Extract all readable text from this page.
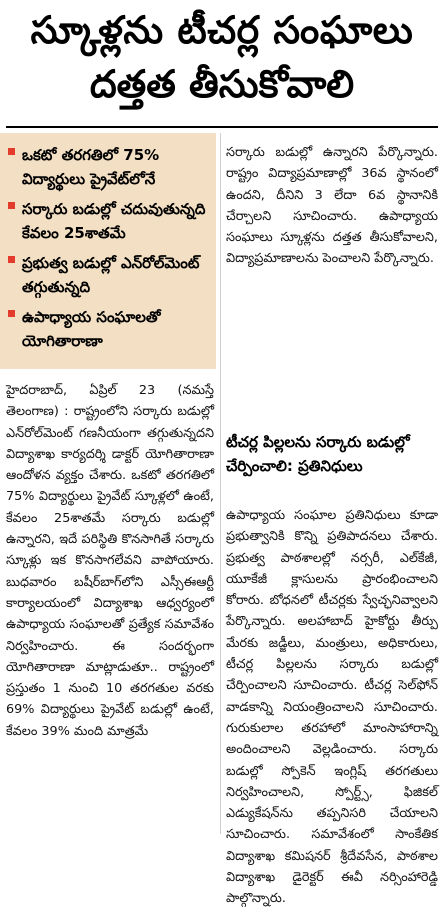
స్కూళ్లను టీచర్ల సంఘాలు
దత్తత తీసుకోవాలి
ఒకటో తరగతిలో 75% విద్యార్థులు ప్రైవేట్‌లోనే
సర్కారు బడుల్లో చదువుతున్నది కేవలం 25శాతమే
ప్రభుత్వ బడుల్లో ఎన్‌రోల్‌మెంట్ తగ్గుతున్నది
ఉపాధ్యాయ సంఘాలతో యోగితారాణా
హైదరాబాద్, ఏప్రిల్ 23 (నమస్తే తెలంగాణ) : రాష్ట్రంలోని సర్కారు బడుల్లో ఎన్‌రోల్‌మెంట్ గణనీయంగా తగ్గుతున్నదని విద్యాశాఖ కార్యదర్శి డాక్టర్ యోగితారాణా ఆందోళన వ్యక్తం చేశారు. ఒకటో తరగతిలో 75% విద్యార్థులు ప్రైవేట్ స్కూళ్లలో ఉంటే, కేవలం 25శాతమే సర్కారు బడుల్లో ఉన్నారని, ఇదే పరిస్థితి కొనసాగితే సర్కారు స్కూళ్లు ఇక కొనసాగలేవని వాపోయారు. బుధవారం బషీర్‌బాగ్‌లోని ఎస్సీఈఆర్టీ కార్యాలయంలో విద్యాశాఖ ఆధ్వర్యంలో ఉపాధ్యాయ సంఘాలతో ప్రత్యేక సమావేశం నిర్వహించారు. ఈ సందర్భంగా యోగితారాణా మాట్లాడుతూ.. రాష్ట్రంలో ప్రస్తుతం 1 నుంచి 10 తరగతుల వరకు 69% విద్యార్థులు ప్రైవేట్ బడుల్లో ఉంటే, కేవలం 39% మంది మాత్రమే
సర్కారు బడుల్లో ఉన్నారని పేర్కొన్నారు. రాష్ట్రం విద్యాప్రమాణాల్లో 36వ స్థానంలో ఉందని, దీనిని 3 లేదా 6వ స్థానానికి చేర్చాలని సూచించారు. ఉపాధ్యాయ సంఘాలు స్కూళ్లను దత్తత తీసుకోవాలని, విద్యాప్రమాణాలను పెంచాలని పేర్కొన్నారు.
టీచర్ల పిల్లలను సర్కారు బడుల్లో చేర్పించాలి: ప్రతినిధులు
ఉపాధ్యాయ సంఘాల ప్రతినిధులు కూడా ప్రభుత్వానికి కొన్ని ప్రతిపాదనలు చేశారు. ప్రభుత్వ పాఠశాలల్లో నర్సరీ, ఎల్‌కేజీ, యూకేజీ క్లాసులను ప్రారంభించాలని కోరారు. బోధనలో టీచర్లకు స్వేచ్ఛనివ్వాలని పేర్కొన్నారు. అలహాబాద్ హైకోర్టు తీర్పు మేరకు జడ్జీలు, మంత్రులు, అధికారులు, టీచర్ల పిల్లలను సర్కారు బడుల్లో చేర్పించాలని సూచించారు. టీచర్ల సెల్‌ఫోన్ వాడకాన్ని నియంత్రించాలని సూచించారు. గురుకులాల తరహాలో మాంసాహారాన్ని అందించాలని వెల్లడించారు. సర్కారు బడుల్లో స్పోకెన్ ఇంగ్లిష్ తరగతులు నిర్వహించాలని, స్పోర్ట్స్, ఫిజికల్ ఎడ్యుకేషన్‌ను తప్పనిసరి చేయాలని సూచించారు. సమావేశంలో సాంకేతిక విద్యాశాఖ కమిషనర్ శ్రీదేవసేన, పాఠశాల విద్యాశాఖ డైరెక్టర్ ఈవీ నర్సింహారెడ్డి పాల్గొన్నారు.
